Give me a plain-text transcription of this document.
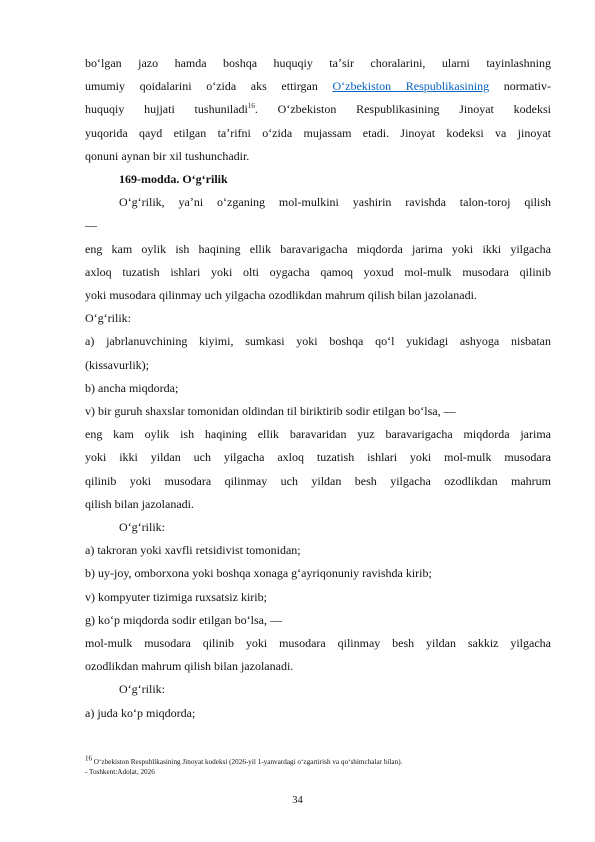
bo‘lgan jazo hamda boshqa huquqiy taʼsir choralarini, ularni tayinlashning

umumiy qoidalarini oʻzida aks ettirgan Oʻzbekiston Respublikasining normativ-

huquqiy hujjati tushuniladi$^{16}$. Oʻzbekiston Respublikasining Jinoyat kodeksi

yuqorida qayd etilgan taʼrifni oʻzida mujassam etadi. Jinoyat kodeksi va jinoyat

qonuni aynan bir xil tushunchadir.

169-modda. Oʻgʻrilik

Oʻgʻrilik, yaʼni oʻzganing mol-mulkini yashirin ravishda talon-toroj qilish

—

eng kam oylik ish haqining ellik baravarigacha miqdorda jarima yoki ikki yilgacha

axloq tuzatish ishlari yoki olti oygacha qamoq yoxud mol-mulk musodara qilinib

yoki musodara qilinmay uch yilgacha ozodlikdan mahrum qilish bilan jazolanadi.

Oʻgʻrilik:

a) jabrlanuvchining kiyimi, sumkasi yoki boshqa qoʻl yukidagi ashyoga nisbatan

(kissavurlik);

b) ancha miqdorda;

v) bir guruh shaxslar tomonidan oldindan til biriktirib sodir etilgan boʻlsa, —

eng kam oylik ish haqining ellik baravaridan yuz baravarigacha miqdorda jarima

yoki ikki yildan uch yilgacha axloq tuzatish ishlari yoki mol-mulk musodara

qilinib yoki musodara qilinmay uch yildan besh yilgacha ozodlikdan mahrum

qilish bilan jazolanadi.

Oʻgʻrilik:

a) takroran yoki xavfli retsidivist tomonidan;

b) uy-joy, omborxona yoki boshqa xonaga gʻayriqonuniy ravishda kirib;

v) kompyuter tizimiga ruxsatsiz kirib;

g) koʻp miqdorda sodir etilgan boʻlsa, —

mol-mulk musodara qilinib yoki musodara qilinmay besh yildan sakkiz yilgacha

ozodlikdan mahrum qilish bilan jazolanadi.

Oʻgʻrilik:

a) juda koʻp miqdorda;

16 Oʻzbekiston Respublikasining Jinoyat kodeksi (2026-yil 1-yanvardagi oʻzgartirish va qoʻshimchalar bilan).
- Toshkent:Adolat, 2026
34
